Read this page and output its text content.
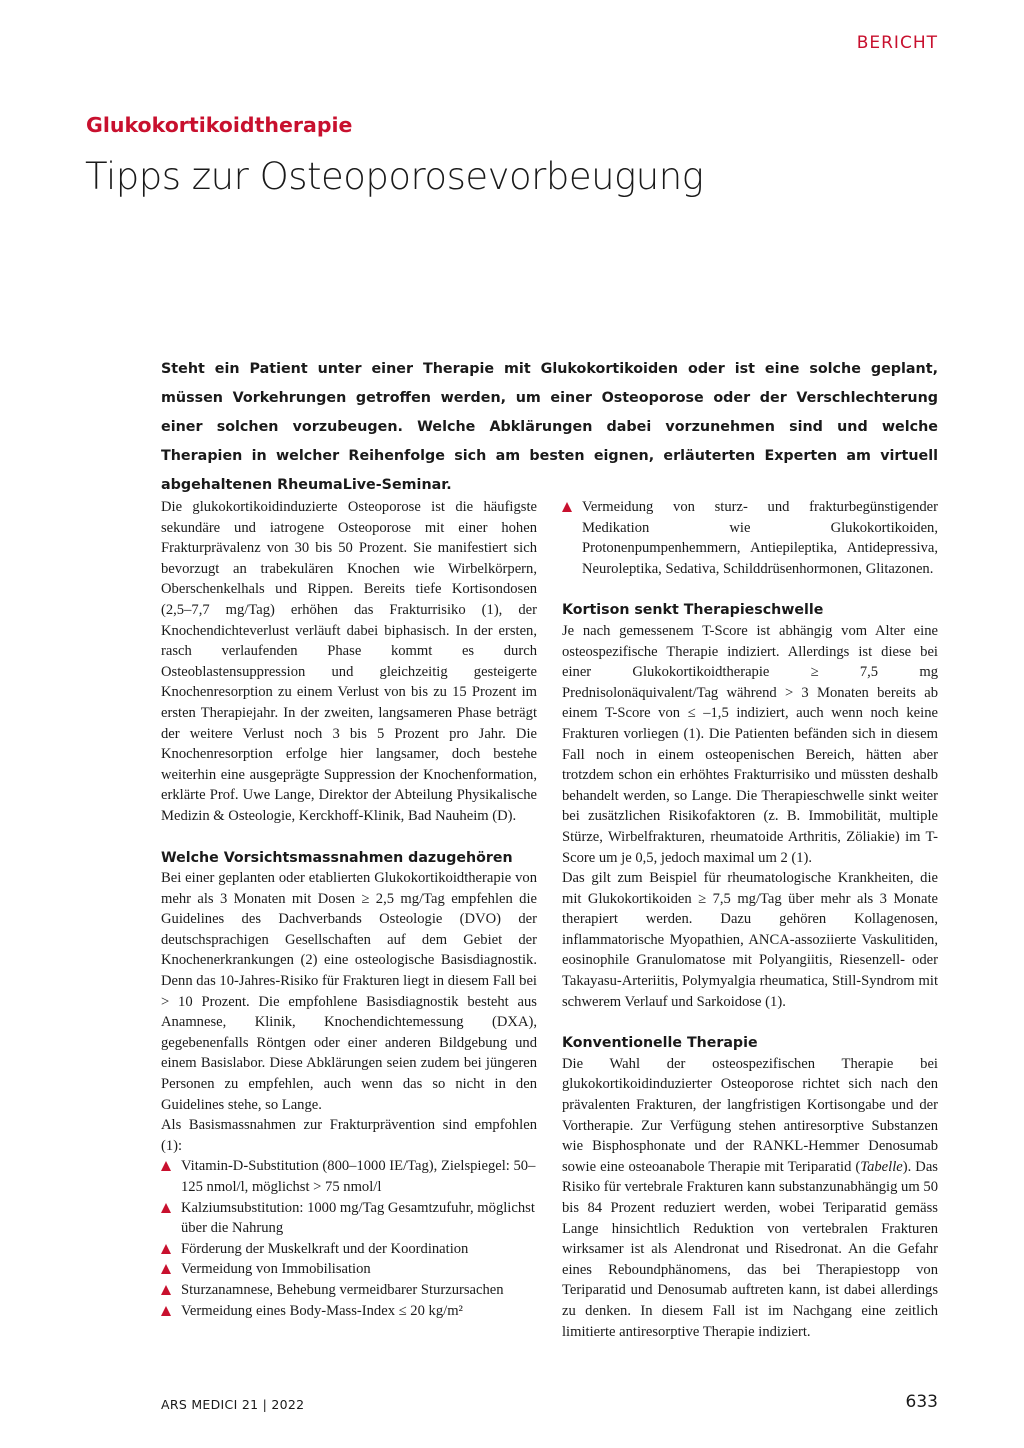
BERICHT
Glukokortikoidtherapie
Tipps zur Osteoporosevorbeugung

Steht ein Patient unter einer Therapie mit Glukokortikoiden oder ist eine solche geplant, müssen Vorkehrungen getroffen werden, um einer Osteoporose oder der Verschlechterung einer solchen vorzubeugen. Welche Abklärungen dabei vorzunehmen sind und welche Therapien in welcher Reihenfolge sich am besten eignen, erläuterten Experten am virtuell abgehaltenen RheumaLive-Seminar.

Die glukokortikoidinduzierte Osteoporose ist die häufigste sekundäre und iatrogene Osteoporose mit einer hohen Frakturprävalenz von 30 bis 50 Prozent. Sie manifestiert sich bevorzugt an trabekulären Knochen wie Wirbelkörpern, Oberschenkelhals und Rippen. Bereits tiefe Kortisondosen (2,5–7,7 mg/Tag) erhöhen das Frakturrisiko (1), der Knochendichteverlust verläuft dabei biphasisch. In der ersten, rasch verlaufenden Phase kommt es durch Osteoblastensuppression und gleichzeitig gesteigerte Knochenresorption zu einem Verlust von bis zu 15 Prozent im ersten Therapiejahr. In der zweiten, langsameren Phase beträgt der weitere Verlust noch 3 bis 5 Prozent pro Jahr. Die Knochenresorption erfolge hier langsamer, doch bestehe weiterhin eine ausgeprägte Suppression der Knochenformation, erklärte Prof. Uwe Lange, Direktor der Abteilung Physikalische Medizin & Osteologie, Kerckhoff-Klinik, Bad Nauheim (D).

Welche Vorsichtsmassnahmen dazugehören

Bei einer geplanten oder etablierten Glukokortikoidtherapie von mehr als 3 Monaten mit Dosen ≥ 2,5 mg/Tag empfehlen die Guidelines des Dachverbands Osteologie (DVO) der deutschsprachigen Gesellschaften auf dem Gebiet der Knochenerkrankungen (2) eine osteologische Basisdiagnostik. Denn das 10-Jahres-Risiko für Frakturen liegt in diesem Fall bei > 10 Prozent. Die empfohlene Basisdiagnostik besteht aus Anamnese, Klinik, Knochendichtemessung (DXA), gegebenenfalls Röntgen oder einer anderen Bildgebung und einem Basislabor. Diese Abklärungen seien zudem bei jüngeren Personen zu empfehlen, auch wenn das so nicht in den Guidelines stehe, so Lange.

Als Basismassnahmen zur Frakturprävention sind empfohlen (1):

Vitamin-D-Substitution (800–1000 IE/Tag), Zielspiegel: 50–125 nmol/l, möglichst > 75 nmol/l
Kalziumsubstitution: 1000 mg/Tag Gesamtzufuhr, möglichst über die Nahrung
Förderung der Muskelkraft und der Koordination
Vermeidung von Immobilisation
Sturzanamnese, Behebung vermeidbarer Sturzursachen
Vermeidung eines Body-Mass-Index ≤ 20 kg/m²
Vermeidung von sturz- und frakturbegünstigender Medikation wie Glukokortikoiden, Protonenpumpenhemmern, Antiepileptika, Antidepressiva, Neuroleptika, Sedativa, Schilddrüsenhormonen, Glitazonen.
Kortison senkt Therapieschwelle

Je nach gemessenem T-Score ist abhängig vom Alter eine osteospezifische Therapie indiziert. Allerdings ist diese bei einer Glukokortikoidtherapie ≥ 7,5 mg Prednisolonäquivalent/Tag während > 3 Monaten bereits ab einem T-Score von ≤ –1,5 indiziert, auch wenn noch keine Frakturen vorliegen (1). Die Patienten befänden sich in diesem Fall noch in einem osteopenischen Bereich, hätten aber trotzdem schon ein erhöhtes Frakturrisiko und müssten deshalb behandelt werden, so Lange. Die Therapieschwelle sinkt weiter bei zusätzlichen Risikofaktoren (z. B. Immobilität, multiple Stürze, Wirbelfrakturen, rheumatoide Arthritis, Zöliakie) im T-Score um je 0,5, jedoch maximal um 2 (1).

Das gilt zum Beispiel für rheumatologische Krankheiten, die mit Glukokortikoiden ≥ 7,5 mg/Tag über mehr als 3 Monate therapiert werden. Dazu gehören Kollagenosen, inflammatorische Myopathien, ANCA-assoziierte Vaskulitiden, eosinophile Granulomatose mit Polyangiitis, Riesenzell- oder Takayasu-Arteriitis, Polymyalgia rheumatica, Still-Syndrom mit schwerem Verlauf und Sarkoidose (1).

Konventionelle Therapie

Die Wahl der osteospezifischen Therapie bei glukokortikoidinduzierter Osteoporose richtet sich nach den prävalenten Frakturen, der langfristigen Kortisongabe und der Vortherapie. Zur Verfügung stehen antiresorptive Substanzen wie Bisphosphonate und der RANKL-Hemmer Denosumab sowie eine osteoanabole Therapie mit Teriparatid (Tabelle). Das Risiko für vertebrale Frakturen kann substanzunabhängig um 50 bis 84 Prozent reduziert werden, wobei Teriparatid gemäss Lange hinsichtlich Reduktion von vertebralen Frakturen wirksamer ist als Alendronat und Risedronat. An die Gefahr eines Reboundphänomens, das bei Therapiestopp von Teriparatid und Denosumab auftreten kann, ist dabei allerdings zu denken. In diesem Fall ist im Nachgang eine zeitlich limitierte antiresorptive Therapie indiziert.

ARS MEDICI 21 | 2022	633
